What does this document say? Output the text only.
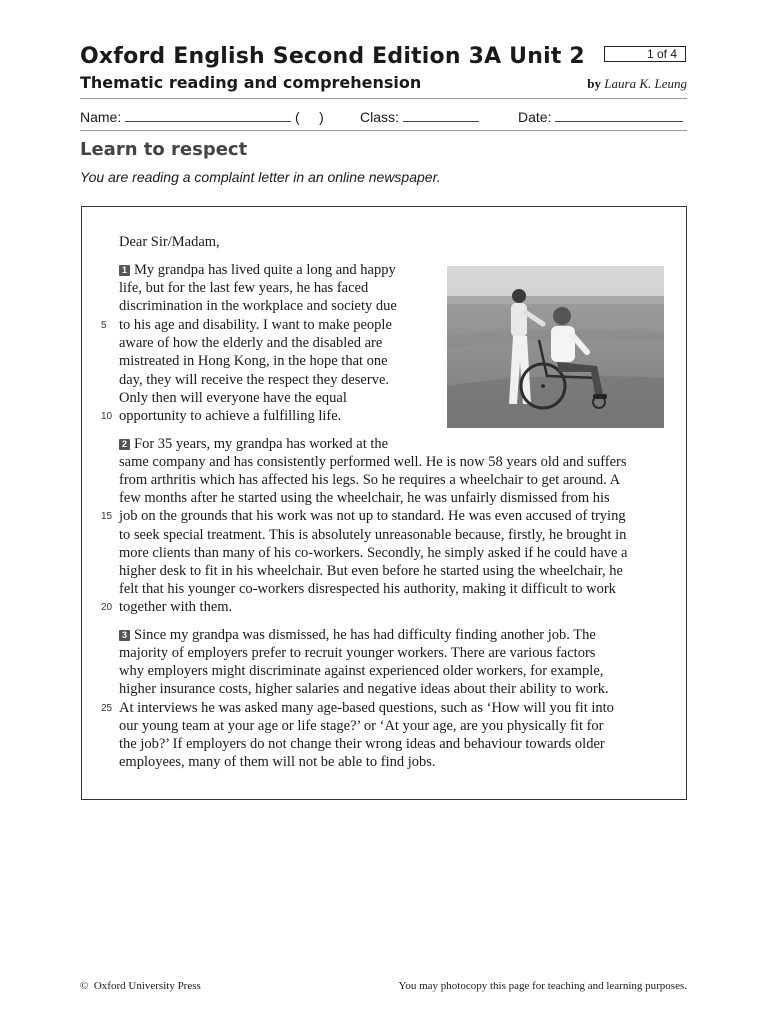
Oxford English Second Edition 3A Unit 2	1 of 4
Thematic reading and comprehension	by Laura K. Leung
Name:	(     )	Class:	Date:
Learn to respect
You are reading a complaint letter in an online newspaper.
Dear Sir/Madam,
1 My grandpa has lived quite a long and happy
life, but for the last few years, he has faced
discrimination in the workplace and society due
to his age and disability. I want to make people
aware of how the elderly and the disabled are
mistreated in Hong Kong, in the hope that one
day, they will receive the respect they deserve.
Only then will everyone have the equal
opportunity to achieve a fulfilling life.
2 For 35 years, my grandpa has worked at the
same company and has consistently performed well. He is now 58 years old and suffers
from arthritis which has affected his legs. So he requires a wheelchair to get around. A
few months after he started using the wheelchair, he was unfairly dismissed from his
job on the grounds that his work was not up to standard. He was even accused of trying
to seek special treatment. This is absolutely unreasonable because, firstly, he brought in
more clients than many of his co-workers. Secondly, he simply asked if he could have a
higher desk to fit in his wheelchair. But even before he started using the wheelchair, he
felt that his younger co-workers disrespected his authority, making it difficult to work
together with them.
3 Since my grandpa was dismissed, he has had difficulty finding another job. The
majority of employers prefer to recruit younger workers. There are various factors
why employers might discriminate against experienced older workers, for example,
higher insurance costs, higher salaries and negative ideas about their ability to work.
At interviews he was asked many age-based questions, such as ‘How will you fit into
our young team at your age or life stage?’ or ‘At your age, are you physically fit for
the job?’ If employers do not change their wrong ideas and behaviour towards older
employees, many of them will not be able to find jobs.
5
10
15
20
25
©  Oxford University Press	You may photocopy this page for teaching and learning purposes.
